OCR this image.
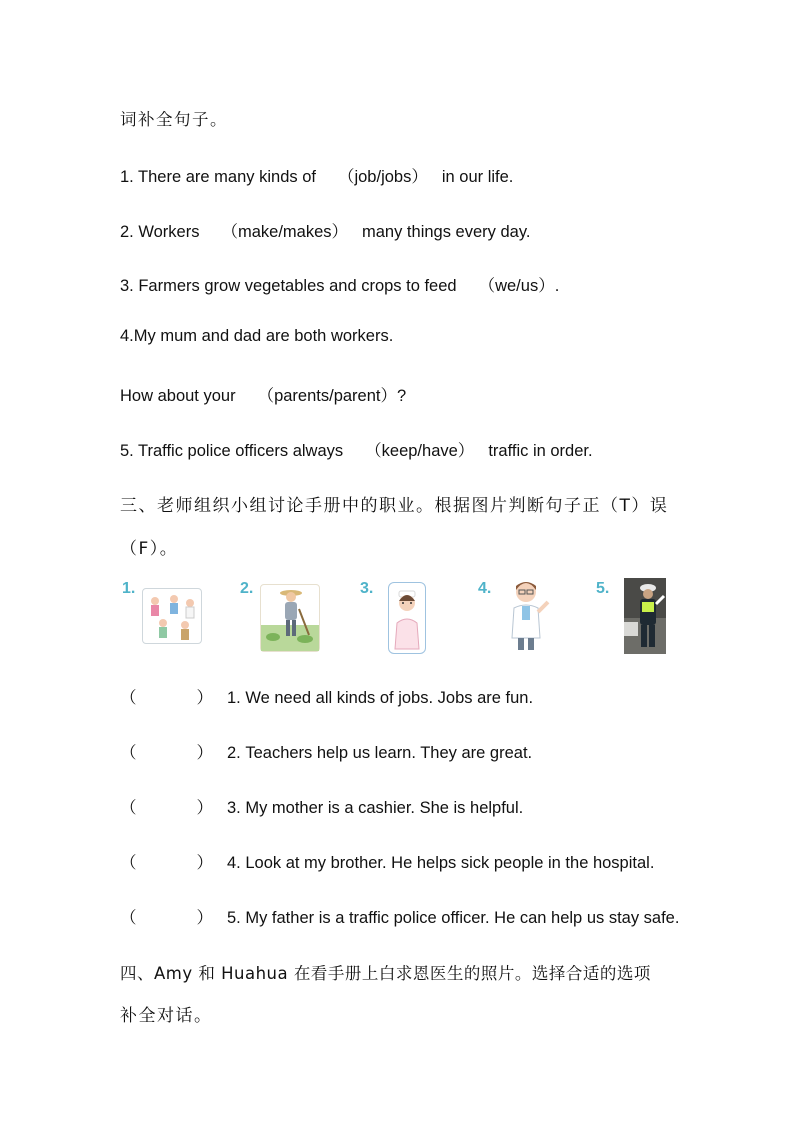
词补全句子。
1. There are many kinds of （job/jobs） in our life.
2. Workers （make/makes） many things every day.
3. Farmers grow vegetables and crops to feed （we/us）.
4.My mum and dad are both workers.
How about your （parents/parent）?
5. Traffic police officers always （keep/have） traffic in order.
三、老师组织小组讨论手册中的职业。根据图片判断句子正（T）误
（F）。
1.	2.	3.	4.	5.
（	） 1. We need all kinds of jobs. Jobs are fun.
（	） 2. Teachers help us learn. They are great.
（	） 3. My mother is a cashier. She is helpful.
（	） 4. Look at my brother. He helps sick people in the hospital.
（	） 5. My father is a traffic police officer. He can help us stay safe.
四、Amy 和 Huahua 在看手册上白求恩医生的照片。选择合适的选项
补全对话。
